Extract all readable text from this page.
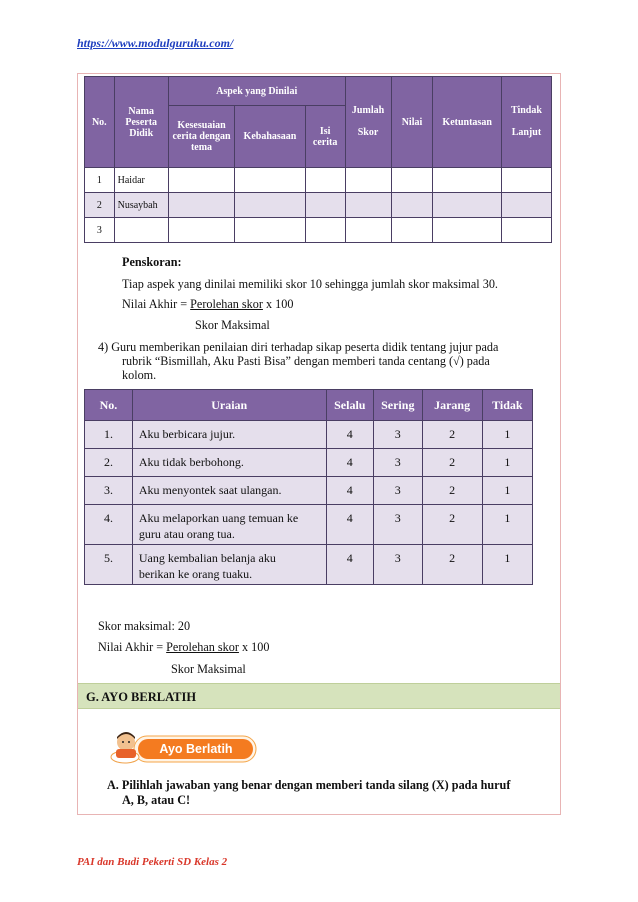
https://www.modulguruku.com/
No.	Nama Peserta Didik	Aspek yang Dinilai			Jumlah Skor	Nilai	Ketuntasan	Tindak Lanjut
		Kesesuaian cerita dengan tema	Kebahasaan	Isi cerita				
1	Haidar							
2	Nusaybah							
3								
Penskoran:
Tiap aspek yang dinilai memiliki skor 10 sehingga jumlah skor maksimal 30.
Nilai Akhir = Perolehan skor x 100
Skor Maksimal
4) Guru memberikan penilaian diri terhadap sikap peserta didik tentang jujur pada
rubrik “Bismillah, Aku Pasti Bisa” dengan memberi tanda centang (√) pada
kolom.
No.	Uraian	Selalu	Sering	Jarang	Tidak
1.	Aku berbicara jujur.	4	3	2	1
2.	Aku tidak berbohong.	4	3	2	1
3.	Aku menyontek saat ulangan.	4	3	2	1
4.	Aku melaporkan uang temuan ke
guru atau orang tua.	4	3	2	1
5.	Uang kembalian belanja aku
berikan ke orang tuaku.	4	3	2	1
Skor maksimal: 20
Nilai Akhir = Perolehan skor x 100
Skor Maksimal
G. AYO BERLATIH
Ayo Berlatih
A. Pilihlah jawaban yang benar dengan memberi tanda silang (X) pada huruf
A, B, atau C!
PAI dan Budi Pekerti SD Kelas 2
